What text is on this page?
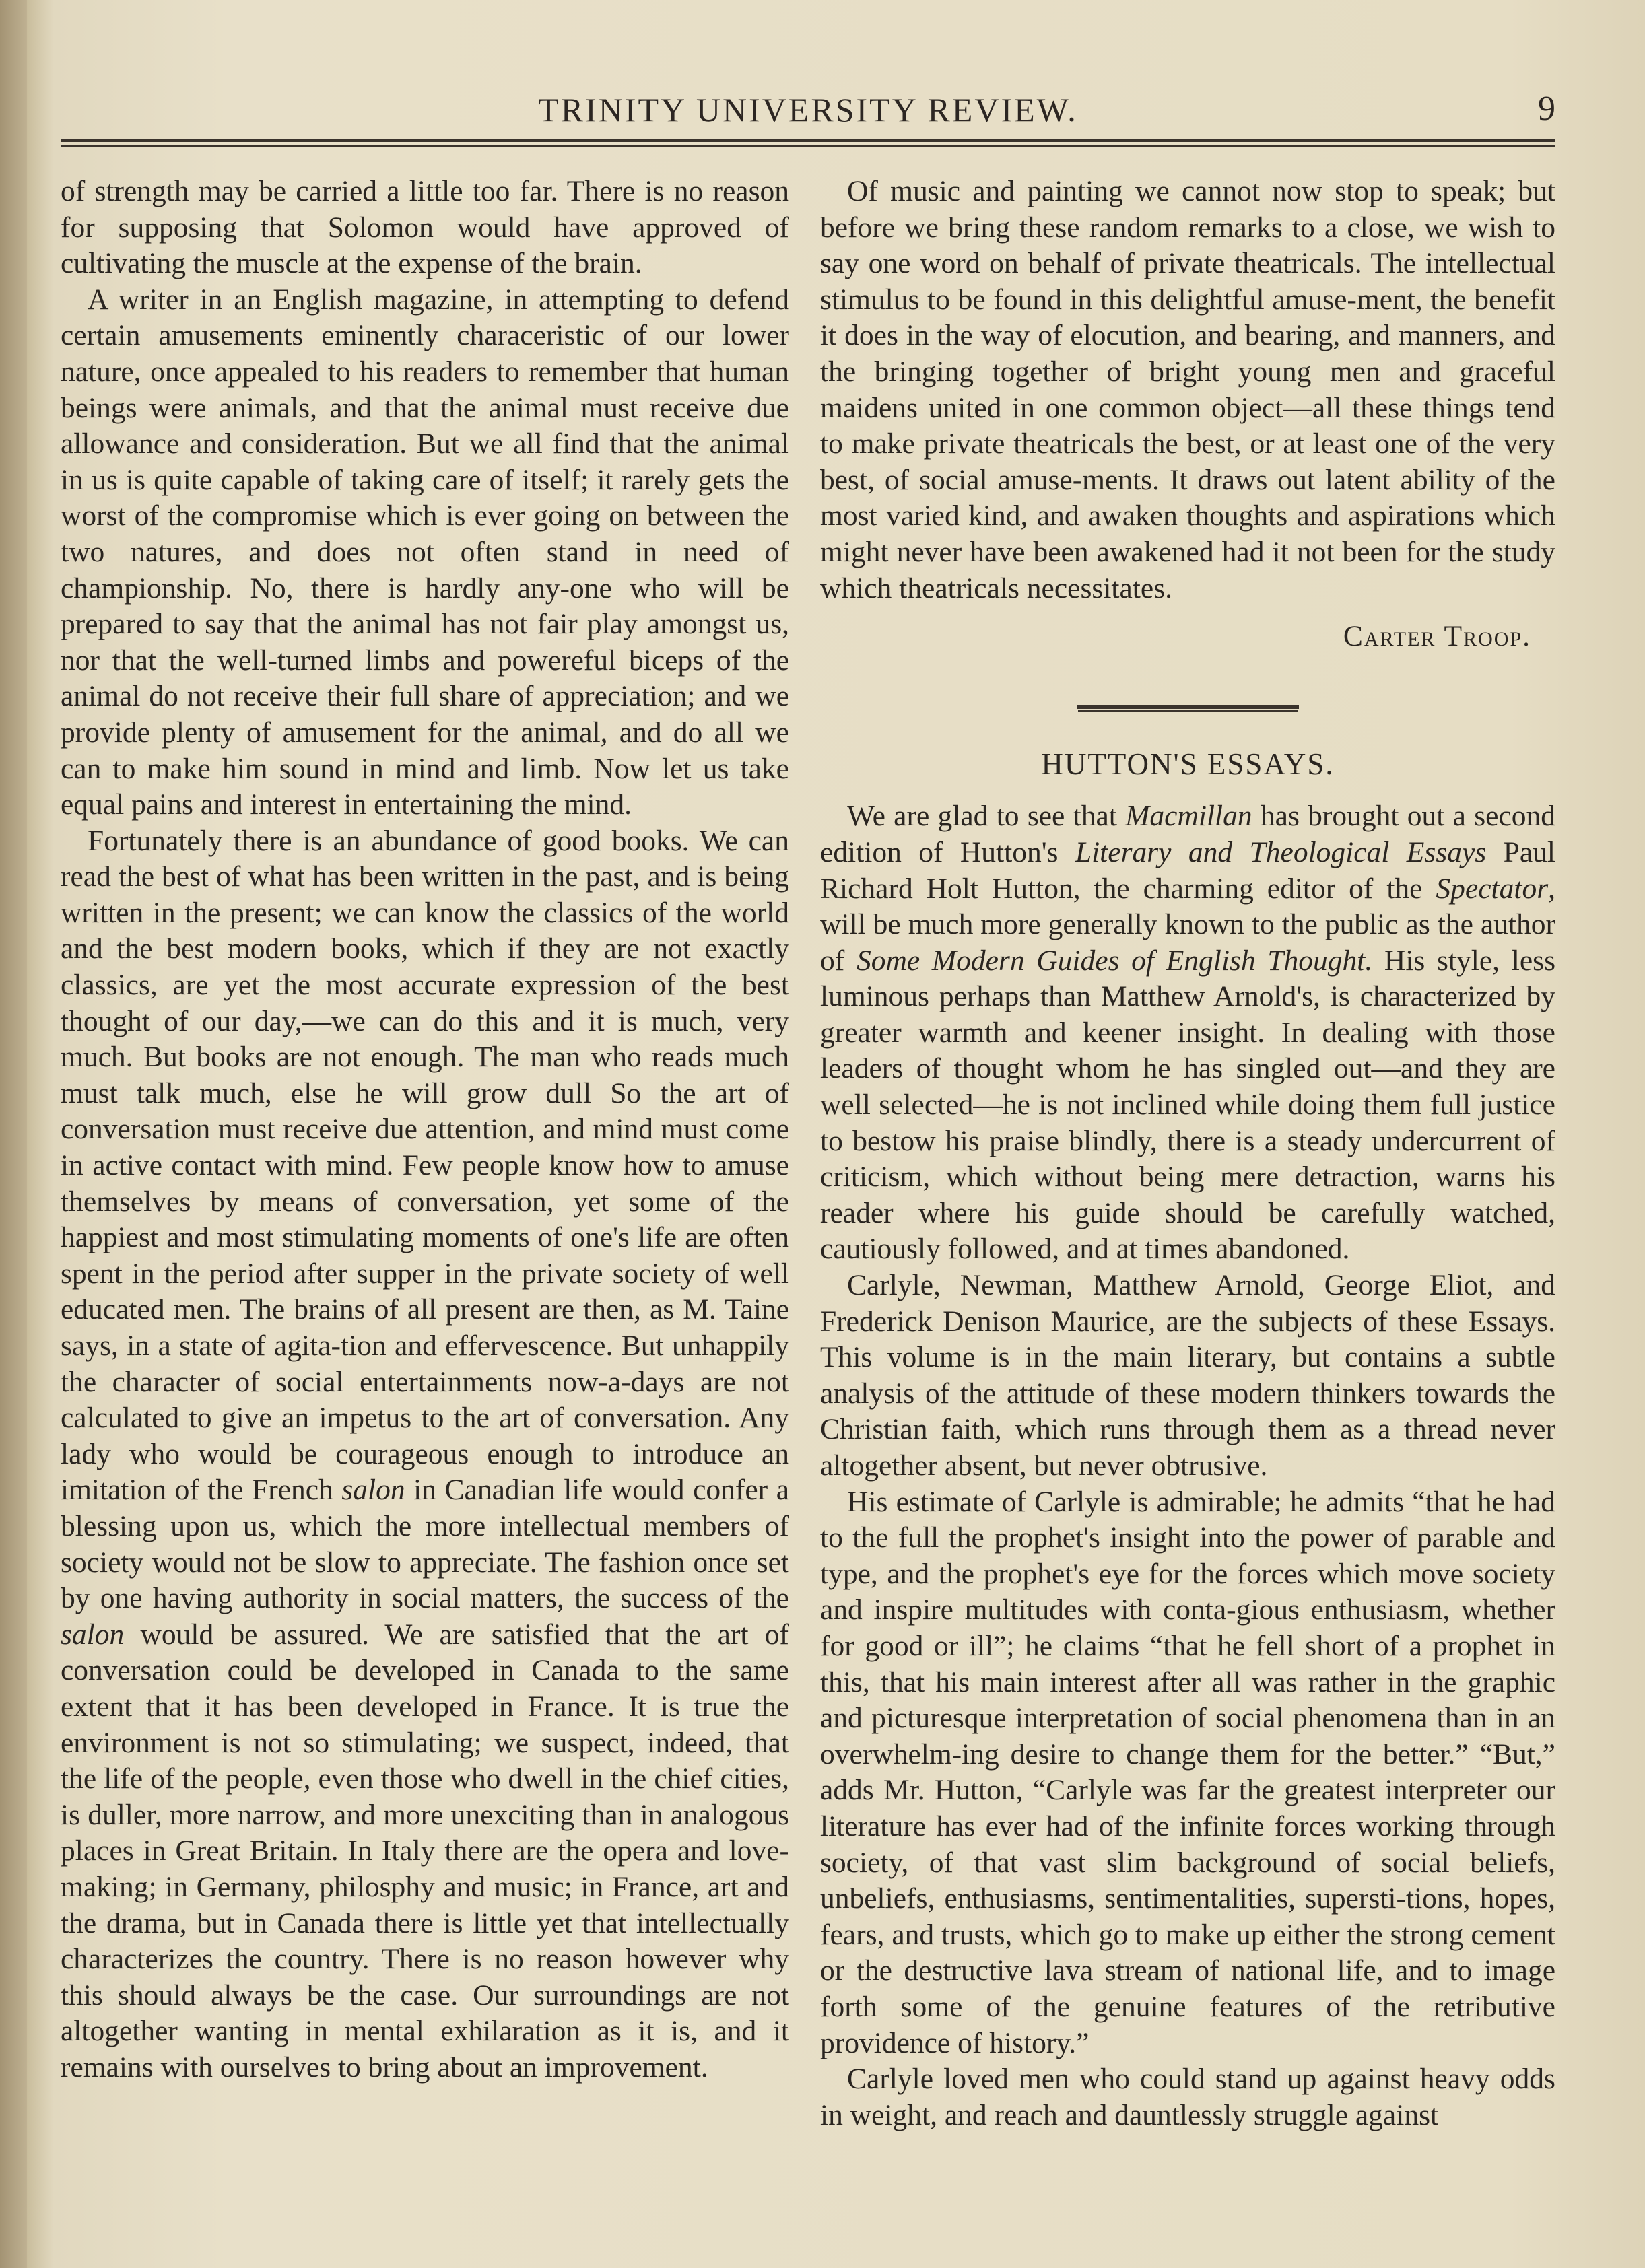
TRINITY UNIVERSITY REVIEW.	9

of strength may be carried a little too far. There is no reason for supposing that Solomon would have approved of cultivating the muscle at the expense of the brain.

A writer in an English magazine, in attempting to defend certain amusements eminently characeristic of our lower nature, once appealed to his readers to remember that human beings were animals, and that the animal must receive due allowance and consideration. But we all find that the animal in us is quite capable of taking care of itself; it rarely gets the worst of the compromise which is ever going on between the two natures, and does not often stand in need of championship. No, there is hardly any-one who will be prepared to say that the animal has not fair play amongst us, nor that the well-turned limbs and powereful biceps of the animal do not receive their full share of appreciation; and we provide plenty of amusement for the animal, and do all we can to make him sound in mind and limb. Now let us take equal pains and interest in entertaining the mind.

Fortunately there is an abundance of good books. We can read the best of what has been written in the past, and is being written in the present; we can know the classics of the world and the best modern books, which if they are not exactly classics, are yet the most accurate expression of the best thought of our day,—we can do this and it is much, very much. But books are not enough. The man who reads much must talk much, else he will grow dull So the art of conversation must receive due attention, and mind must come in active contact with mind. Few people know how to amuse themselves by means of conversation, yet some of the happiest and most stimulating moments of one's life are often spent in the period after supper in the private society of well educated men. The brains of all present are then, as M. Taine says, in a state of agita-tion and effervescence. But unhappily the character of social entertainments now-a-days are not calculated to give an impetus to the art of conversation. Any lady who would be courageous enough to introduce an imitation of the French salon in Canadian life would confer a blessing upon us, which the more intellectual members of society would not be slow to appreciate. The fashion once set by one having authority in social matters, the success of the salon would be assured. We are satisfied that the art of conversation could be developed in Canada to the same extent that it has been developed in France. It is true the environment is not so stimulating; we suspect, indeed, that the life of the people, even those who dwell in the chief cities, is duller, more narrow, and more unexciting than in analogous places in Great Britain. In Italy there are the opera and love-making; in Germany, philosphy and music; in France, art and the drama, but in Canada there is little yet that intellectually characterizes the country. There is no reason however why this should always be the case. Our surroundings are not altogether wanting in mental exhilaration as it is, and it remains with ourselves to bring about an improvement.

Of music and painting we cannot now stop to speak; but before we bring these random remarks to a close, we wish to say one word on behalf of private theatricals. The intellectual stimulus to be found in this delightful amuse-ment, the benefit it does in the way of elocution, and bearing, and manners, and the bringing together of bright young men and graceful maidens united in one common object—all these things tend to make private theatricals the best, or at least one of the very best, of social amuse-ments. It draws out latent ability of the most varied kind, and awaken thoughts and aspirations which might never have been awakened had it not been for the study which theatricals necessitates.

Carter Troop.

HUTTON'S ESSAYS.

We are glad to see that Macmillan has brought out a second edition of Hutton's Literary and Theological Essays Paul Richard Holt Hutton, the charming editor of the Spectator, will be much more generally known to the public as the author of Some Modern Guides of English Thought. His style, less luminous perhaps than Matthew Arnold's, is characterized by greater warmth and keener insight. In dealing with those leaders of thought whom he has singled out—and they are well selected—he is not inclined while doing them full justice to bestow his praise blindly, there is a steady undercurrent of criticism, which without being mere detraction, warns his reader where his guide should be carefully watched, cautiously followed, and at times abandoned.

Carlyle, Newman, Matthew Arnold, George Eliot, and Frederick Denison Maurice, are the subjects of these Essays. This volume is in the main literary, but contains a subtle analysis of the attitude of these modern thinkers towards the Christian faith, which runs through them as a thread never altogether absent, but never obtrusive.

His estimate of Carlyle is admirable; he admits “that he had to the full the prophet's insight into the power of parable and type, and the prophet's eye for the forces which move society and inspire multitudes with conta-gious enthusiasm, whether for good or ill”; he claims “that he fell short of a prophet in this, that his main interest after all was rather in the graphic and picturesque interpretation of social phenomena than in an overwhelm-ing desire to change them for the better.” “But,” adds Mr. Hutton, “Carlyle was far the greatest interpreter our literature has ever had of the infinite forces working through society, of that vast slim background of social beliefs, unbeliefs, enthusiasms, sentimentalities, supersti-tions, hopes, fears, and trusts, which go to make up either the strong cement or the destructive lava stream of national life, and to image forth some of the genuine features of the retributive providence of history.”

Carlyle loved men who could stand up against heavy odds in weight, and reach and dauntlessly struggle against
